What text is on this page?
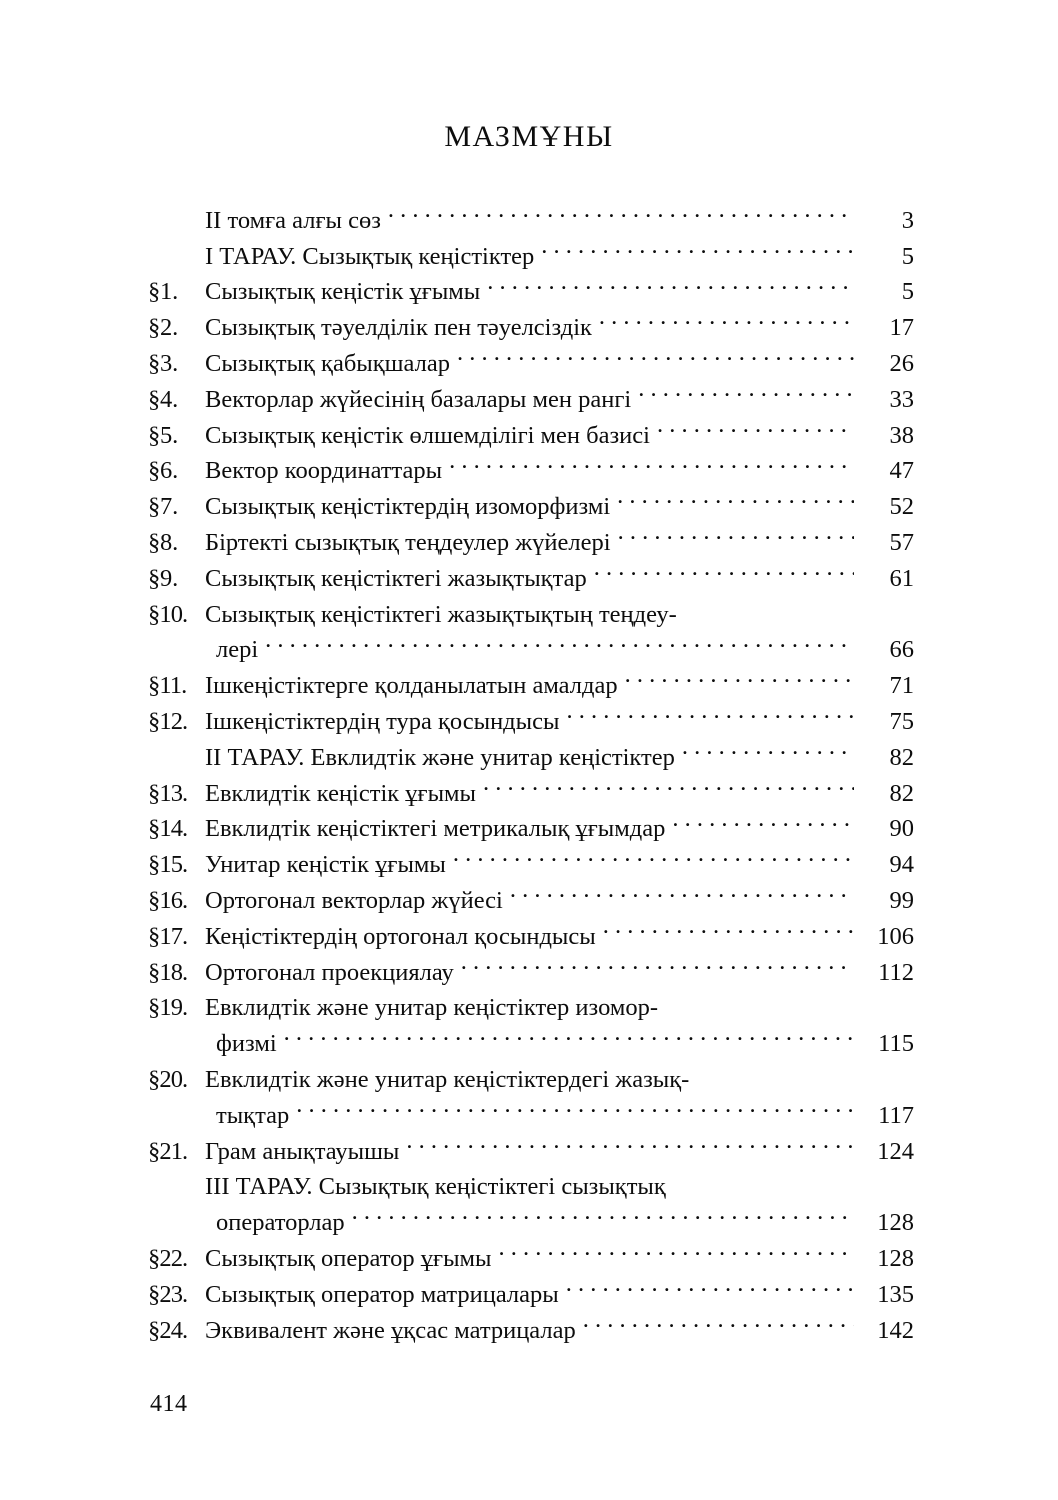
МАЗМҰНЫ
II томға алғы сөз . . .	3
I ТАРАУ. Сызықтық кеңістіктер . . .	5
§1.	Сызықтық кеңістік ұғымы . . .	5
§2.	Сызықтық тәуелділік пен тәуелсіздік . . .	17
§3.	Сызықтық қабықшалар . . .	26
§4.	Векторлар жүйесінің базалары мен рангі . . .	33
§5.	Сызықтық кеңістік өлшемділігі мен базисі . . .	38
§6.	Вектор координаттары . . .	47
§7.	Сызықтық кеңістіктердің изоморфизмі . . .	52
§8.	Біртекті сызықтық теңдеулер жүйелері . . .	57
§9.	Сызықтық кеңістіктегі жазықтықтар . . .	61
§10. Сызықтық кеңістіктегі жазықтықтың теңдеу-
лері . . .	66
§11. Ішкеңістіктерге қолданылатын амалдар . . .	71
§12. Ішкеңістіктердің тура қосындысы . . .	75
II ТАРАУ. Евклидтік және унитар кеңістіктер . . .	82
§13. Евклидтік кеңістік ұғымы . . .	82
§14. Евклидтік кеңістіктегі метрикалық ұғымдар . . .	90
§15. Унитар кеңістік ұғымы . . .	94
§16. Ортогонал векторлар жүйесі . . .	99
§17. Кеңістіктердің ортогонал қосындысы . . .	106
§18. Ортогонал проекциялау . . .	112
§19. Евклидтік және унитар кеңістіктер изомор-
физмі . . .	115
§20. Евклидтік және унитар кеңістіктердегі жазық-
тықтар . . .	117
§21. Грам анықтауышы . . .	124
III ТАРАУ. Сызықтық кеңістіктегі сызықтық
операторлар . . .	128
§22. Сызықтық оператор ұғымы . . .	128
§23. Сызықтық оператор матрицалары . . .	135
§24. Эквивалент және ұқсас матрицалар . . .	142
414
